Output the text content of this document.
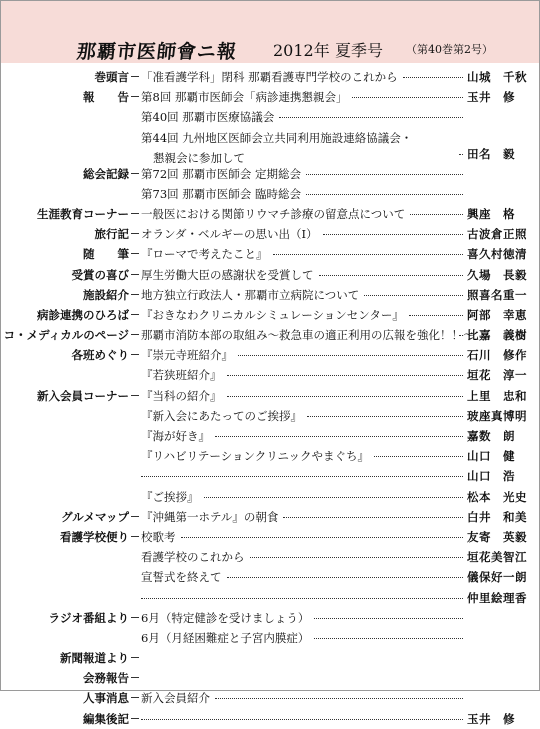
那覇市医師會ニ報 2012年 夏季号 （第40巻第2号）
巻頭言 「准看護学科」閉科 那覇看護専門学校のこれから	山城　千秋
報　　告 第8回 那覇市医師会「病診連携懇親会」	玉井　修
第40回 那覇市医療協議会
第44回 九州地区医師会立共同利用施設連絡協議会・
懇親会に参加して	田名　毅
総会記録 第72回 那覇市医師会 定期総会
第73回 那覇市医師会 臨時総会
生涯教育コーナー 一般医における関節リウマチ診療の留意点について	興座　格
旅行記 オランダ・ベルギーの思い出（Ⅰ）	古波倉正照
随　　筆 『ローマで考えたこと』	喜久村徳清
受賞の喜び 厚生労働大臣の感謝状を受賞して	久場　長毅
施設紹介 地方独立行政法人・那覇市立病院について	照喜名重一
病診連携のひろば 『おきなわクリニカルシミュレーションセンター』	阿部　幸恵
コ・メディカルのページ 那覇市消防本部の取組み～救急車の適正利用の広報を強化！！～
比嘉　義樹
各班めぐり 『崇元寺班紹介』	石川　修作
『若狭班紹介』	垣花　淳一
新入会員コーナー 『当科の紹介』	上里　忠和
『新入会にあたってのご挨拶』	玻座真博明
『海が好き』	嘉数　朗
『リハビリテーションクリニックやまぐち』	山口　健
山口　浩
『ご挨拶』	松本　光史
グルメマップ 『沖縄第一ホテル』の朝食	白井　和美
看護学校便り 校歌考	友寄　英毅
看護学校のこれから	垣花美智江
宣誓式を終えて	儀保好一朗
仲里絵理香
ラジオ番組より 6月（特定健診を受けましょう）
6月（月経困難症と子宮内膜症）
新聞報道より
会務報告
人事消息 新入会員紹介
編集後記	玉井　修
